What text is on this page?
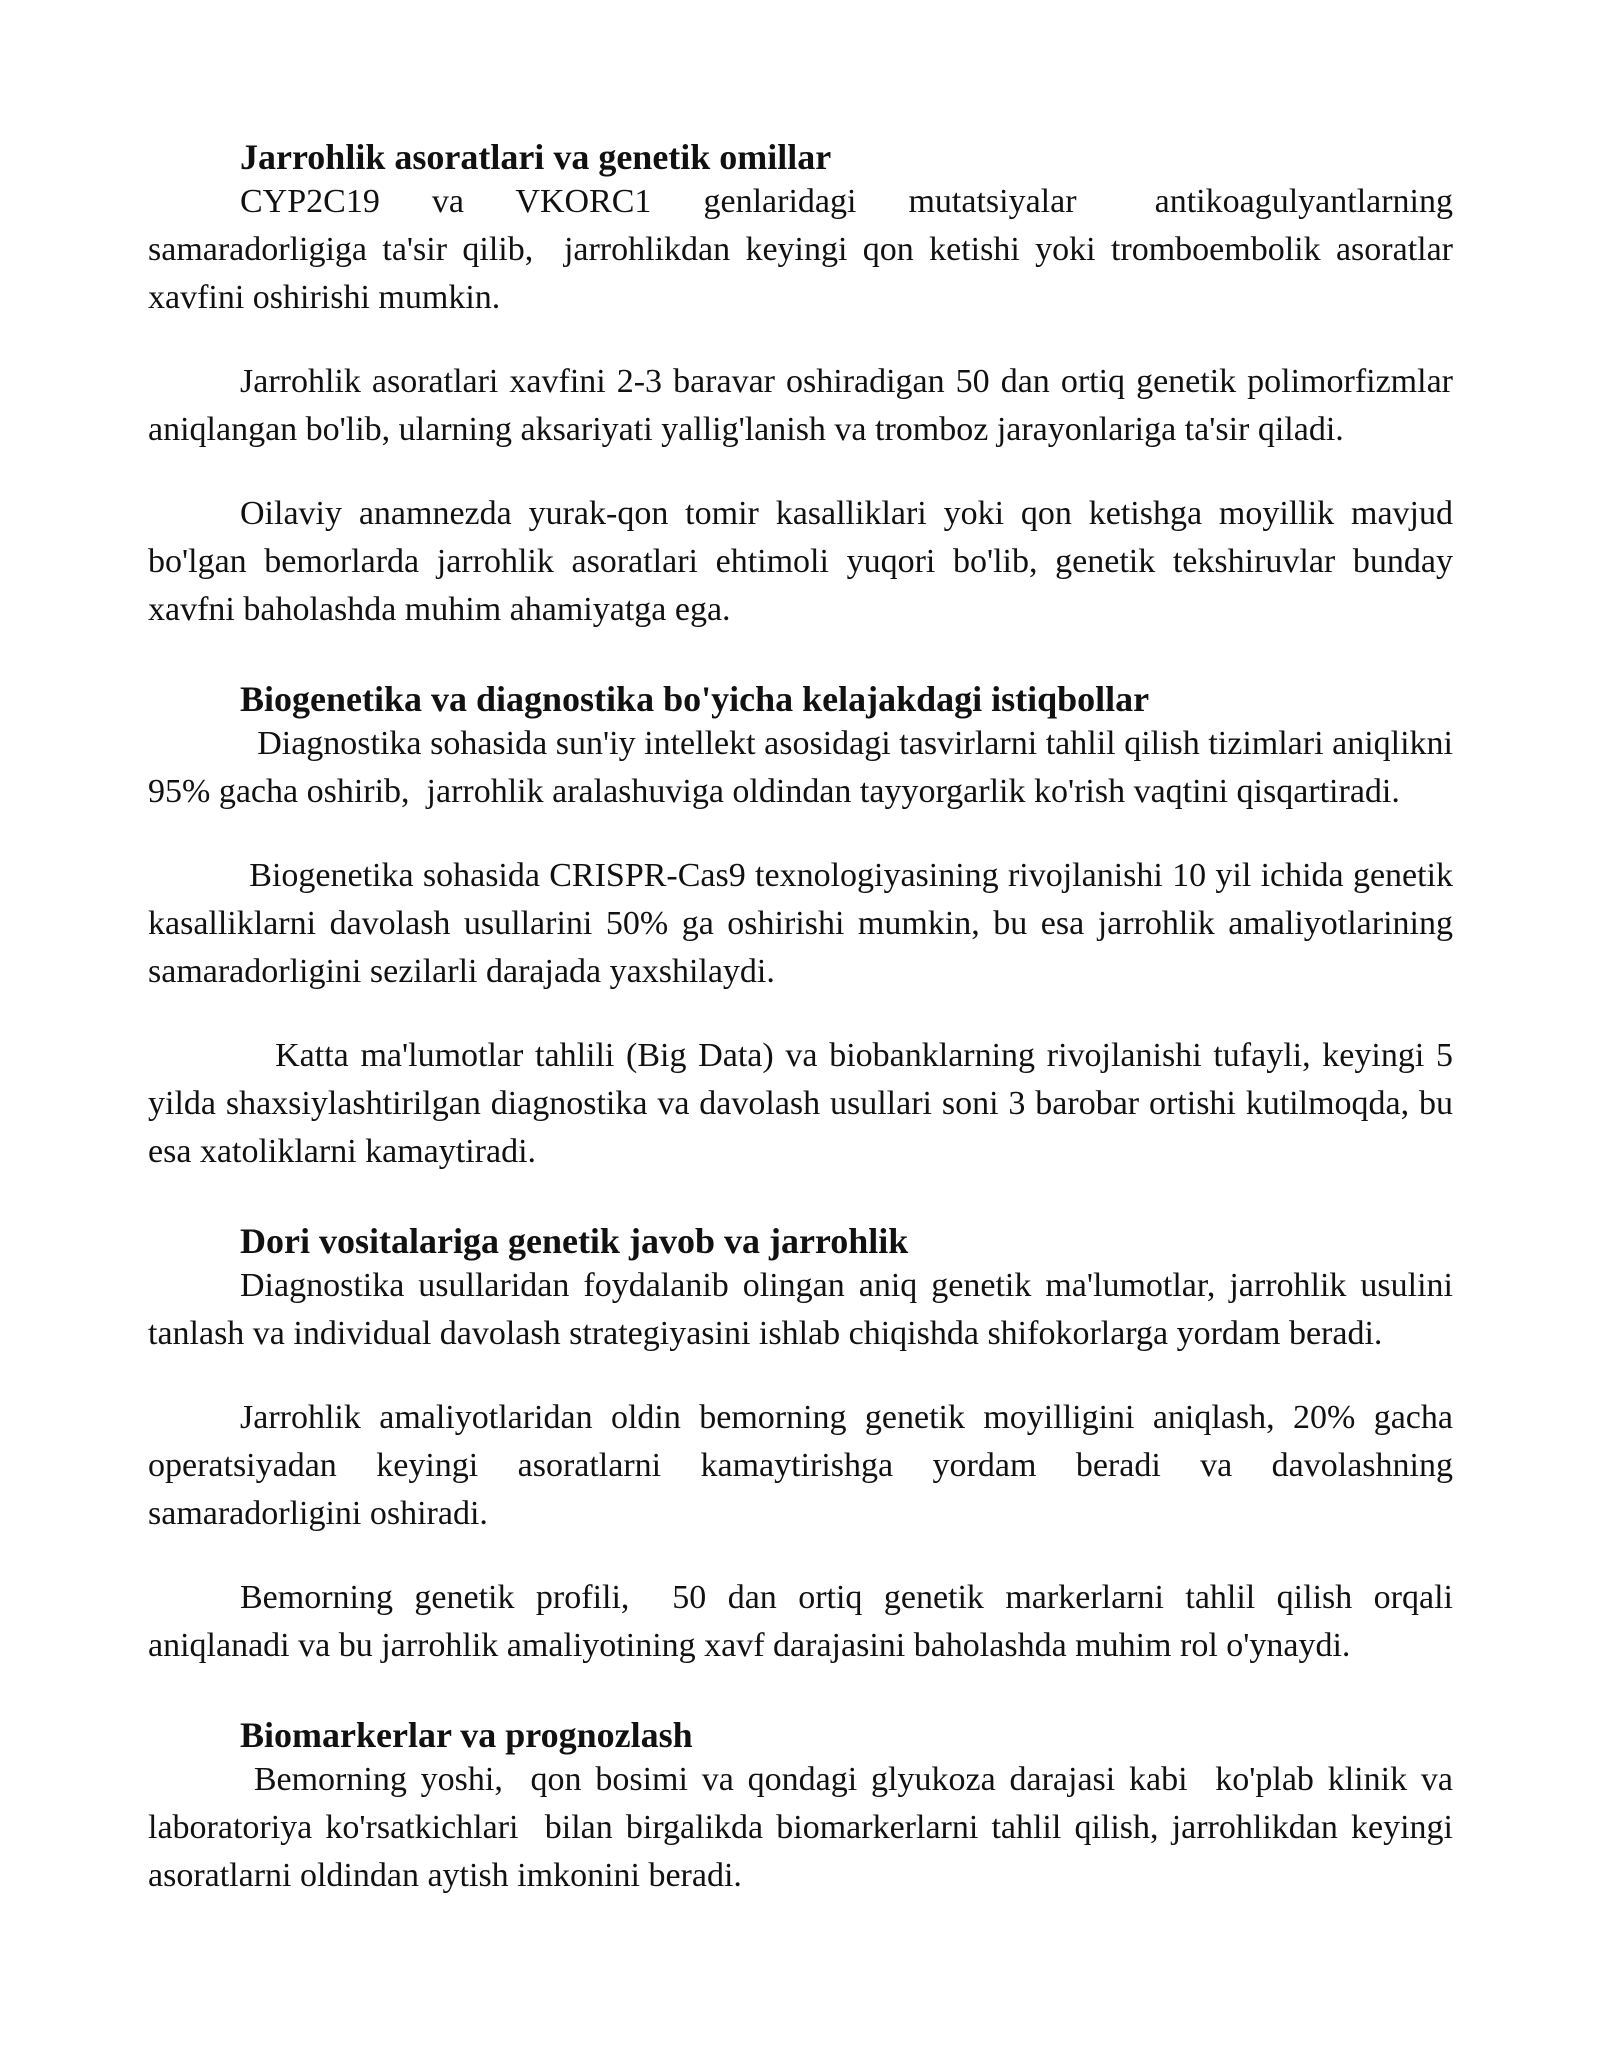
Jarrohlik asoratlari va genetik omillar

CYP2C19  va  VKORC1  genlaridagi  mutatsiyalar   antikoagulyantlarning samaradorligiga ta'sir qilib,  jarrohlikdan keyingi qon ketishi yoki tromboembolik asoratlar xavfini oshirishi mumkin.

Jarrohlik asoratlari xavfini 2-3 baravar oshiradigan 50 dan ortiq genetik polimorfizmlar aniqlangan bo'lib, ularning aksariyati yallig'lanish va tromboz jarayonlariga ta'sir qiladi.

Oilaviy anamnezda yurak-qon tomir kasalliklari yoki qon ketishga moyillik mavjud bo'lgan bemorlarda jarrohlik asoratlari ehtimoli yuqori bo'lib, genetik tekshiruvlar bunday xavfni baholashda muhim ahamiyatga ega.

Biogenetika va diagnostika bo'yicha kelajakdagi istiqbollar

Diagnostika sohasida sun'iy intellekt asosidagi tasvirlarni tahlil qilish tizimlari aniqlikni 95% gacha oshirib,  jarrohlik aralashuviga oldindan tayyorgarlik ko'rish vaqtini qisqartiradi.

Biogenetika sohasida CRISPR-Cas9 texnologiyasining rivojlanishi 10 yil ichida genetik kasalliklarni davolash usullarini 50% ga oshirishi mumkin, bu esa jarrohlik amaliyotlarining samaradorligini sezilarli darajada yaxshilaydi.

Katta ma'lumotlar tahlili (Big Data) va biobanklarning rivojlanishi tufayli, keyingi 5 yilda shaxsiylashtirilgan diagnostika va davolash usullari soni 3 barobar ortishi kutilmoqda, bu esa xatoliklarni kamaytiradi.

Dori vositalariga genetik javob va jarrohlik

Diagnostika usullaridan foydalanib olingan aniq genetik ma'lumotlar, jarrohlik usulini tanlash va individual davolash strategiyasini ishlab chiqishda shifokorlarga yordam beradi.

Jarrohlik amaliyotlaridan oldin bemorning genetik moyilligini aniqlash, 20% gacha operatsiyadan keyingi asoratlarni kamaytirishga yordam beradi va davolashning samaradorligini oshiradi.

Bemorning genetik profili,  50 dan ortiq genetik markerlarni tahlil qilish orqali aniqlanadi va bu jarrohlik amaliyotining xavf darajasini baholashda muhim rol o'ynaydi.

Biomarkerlar va prognozlash

Bemorning yoshi,  qon bosimi va qondagi glyukoza darajasi kabi  ko'plab klinik va laboratoriya ko'rsatkichlari  bilan birgalikda biomarkerlarni tahlil qilish, jarrohlikdan keyingi asoratlarni oldindan aytish imkonini beradi.
